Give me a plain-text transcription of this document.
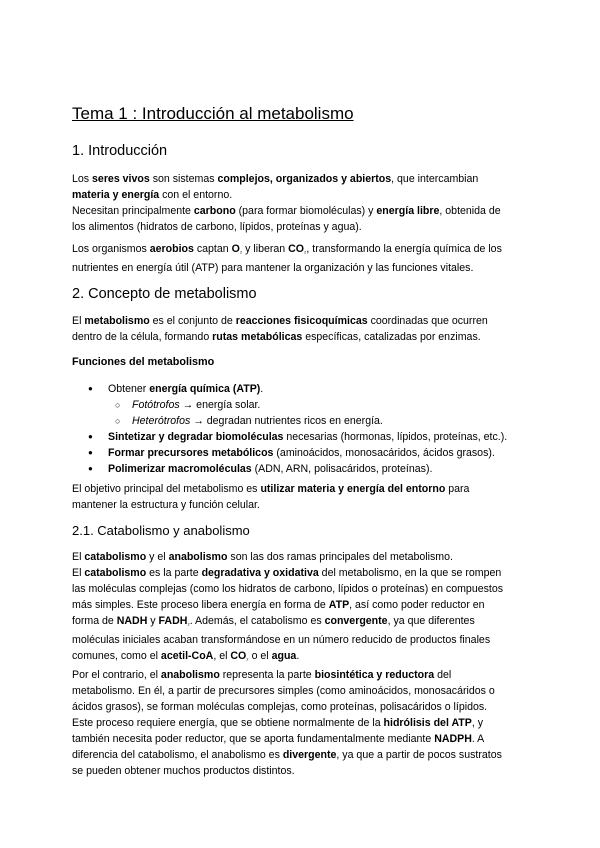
Tema 1 : Introducción al metabolismo
1. Introducción
Los seres vivos son sistemas complejos, organizados y abiertos, que intercambian
materia y energía con el entorno.
Necesitan principalmente carbono (para formar biomoléculas) y energía libre, obtenida de
los alimentos (hidratos de carbono, lípidos, proteínas y agua).
Los organismos aerobios captan O₂ y liberan CO₂, transformando la energía química de los
nutrientes en energía útil (ATP) para mantener la organización y las funciones vitales.
2. Concepto de metabolismo
El metabolismo es el conjunto de reacciones fisicoquímicas coordinadas que ocurren
dentro de la célula, formando rutas metabólicas específicas, catalizadas por enzimas.
Funciones del metabolismo
● Obtener energía química (ATP).
○ Fotótrofos → energía solar.
○ Heterótrofos → degradan nutrientes ricos en energía.
● Sintetizar y degradar biomoléculas necesarias (hormonas, lípidos, proteínas, etc.).
● Formar precursores metabólicos (aminoácidos, monosacáridos, ácidos grasos).
● Polimerizar macromoléculas (ADN, ARN, polisacáridos, proteínas).
El objetivo principal del metabolismo es utilizar materia y energía del entorno para
mantener la estructura y función celular.
2.1. Catabolismo y anabolismo
El catabolismo y el anabolismo son las dos ramas principales del metabolismo.
El catabolismo es la parte degradativa y oxidativa del metabolismo, en la que se rompen
las moléculas complejas (como los hidratos de carbono, lípidos o proteínas) en compuestos
más simples. Este proceso libera energía en forma de ATP, así como poder reductor en
forma de NADH y FADH₂. Además, el catabolismo es convergente, ya que diferentes
moléculas iniciales acaban transformándose en un número reducido de productos finales
comunes, como el acetil-CoA, el CO₂ o el agua.
Por el contrario, el anabolismo representa la parte biosintética y reductora del
metabolismo. En él, a partir de precursores simples (como aminoácidos, monosacáridos o
ácidos grasos), se forman moléculas complejas, como proteínas, polisacáridos o lípidos.
Este proceso requiere energía, que se obtiene normalmente de la hidrólisis del ATP, y
también necesita poder reductor, que se aporta fundamentalmente mediante NADPH. A
diferencia del catabolismo, el anabolismo es divergente, ya que a partir de pocos sustratos
se pueden obtener muchos productos distintos.
